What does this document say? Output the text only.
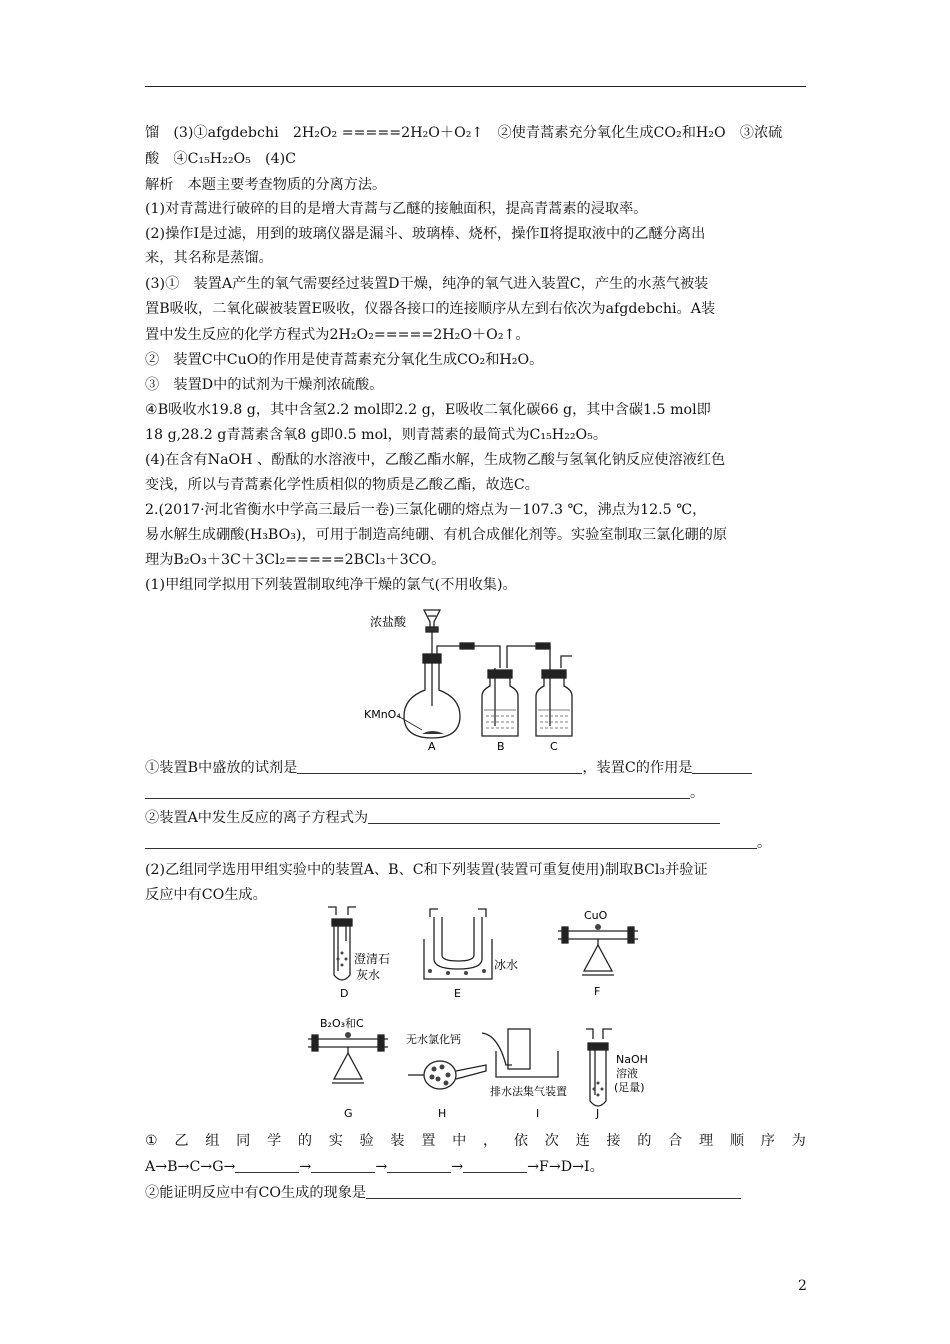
馏　(3)①afgdebchi　2H₂O₂ =====2H₂O＋O₂↑　②使青蒿素充分氧化生成CO₂和H₂O　③浓硫
酸　④C₁₅H₂₂O₅　(4)C
解析　本题主要考查物质的分离方法。
(1)对青蒿进行破碎的目的是增大青蒿与乙醚的接触面积，提高青蒿素的浸取率。
(2)操作Ⅰ是过滤，用到的玻璃仪器是漏斗、玻璃棒、烧杯，操作Ⅱ将提取液中的乙醚分离出
来，其名称是蒸馏。
(3)①　装置A产生的氧气需要经过装置D干燥，纯净的氧气进入装置C，产生的水蒸气被装
置B吸收，二氧化碳被装置E吸收，仪器各接口的连接顺序从左到右依次为afgdebchi。A装
置中发生反应的化学方程式为2H₂O₂=====2H₂O＋O₂↑。
②　装置C中CuO的作用是使青蒿素充分氧化生成CO₂和H₂O。
③　装置D中的试剂为干燥剂浓硫酸。
④B吸收水19.8 g，其中含氢2.2 mol即2.2 g，E吸收二氧化碳66 g，其中含碳1.5 mol即
18 g,28.2 g青蒿素含氧8 g即0.5 mol，则青蒿素的最简式为C₁₅H₂₂O₅。
(4)在含有NaOH 、酚酞的水溶液中，乙酸乙酯水解，生成物乙酸与氢氧化钠反应使溶液红色
变浅，所以与青蒿素化学性质相似的物质是乙酸乙酯，故选C。
2.(2017·河北省衡水中学高三最后一卷)三氯化硼的熔点为－107.3 ℃，沸点为12.5 ℃，
易水解生成硼酸(H₃BO₃)，可用于制造高纯硼、有机合成催化剂等。实验室制取三氯化硼的原
理为B₂O₃＋3C＋3Cl₂=====2BCl₃＋3CO。
(1)甲组同学拟用下列装置制取纯净干燥的氯气(不用收集)。
浓盐酸
KMnO₄
A	B	C
①装置B中盛放的试剂是	，装置C的作用是
。
②装置A中发生反应的离子方程式为
。
(2)乙组同学选用甲组实验中的装置A、B、C和下列装置(装置可重复使用)制取BCl₃并验证
反应中有CO生成。
澄清石
灰水
D
冰水
E
CuO
F
B₂O₃和C
G
无水氯化钙
H
排水法集气装置
I
NaOH
溶液
(足量)
J
① 乙 组 同 学 的 实 验 装 置 中 ， 依 次 连 接 的 合 理 顺 序 为
A→B→C→G→	→	→	→	→F→D→I。
②能证明反应中有CO生成的现象是
2
